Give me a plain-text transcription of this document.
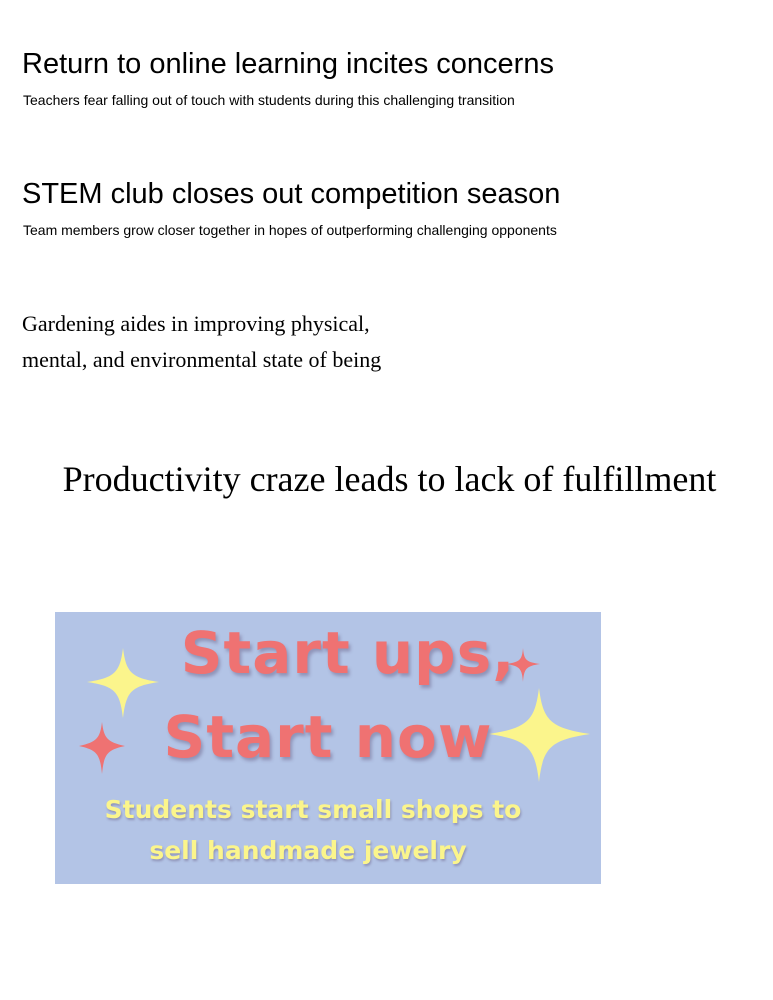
Return to online learning incites concerns
Teachers fear falling out of touch with students during this challenging transition
STEM club closes out competition season
Team members grow closer together in hopes of outperforming challenging opponents
Gardening aides in improving physical,
mental, and environmental state of being
Productivity craze leads to lack of fulfillment
Start ups,
Start now
Students start small shops to
sell handmade jewelry
